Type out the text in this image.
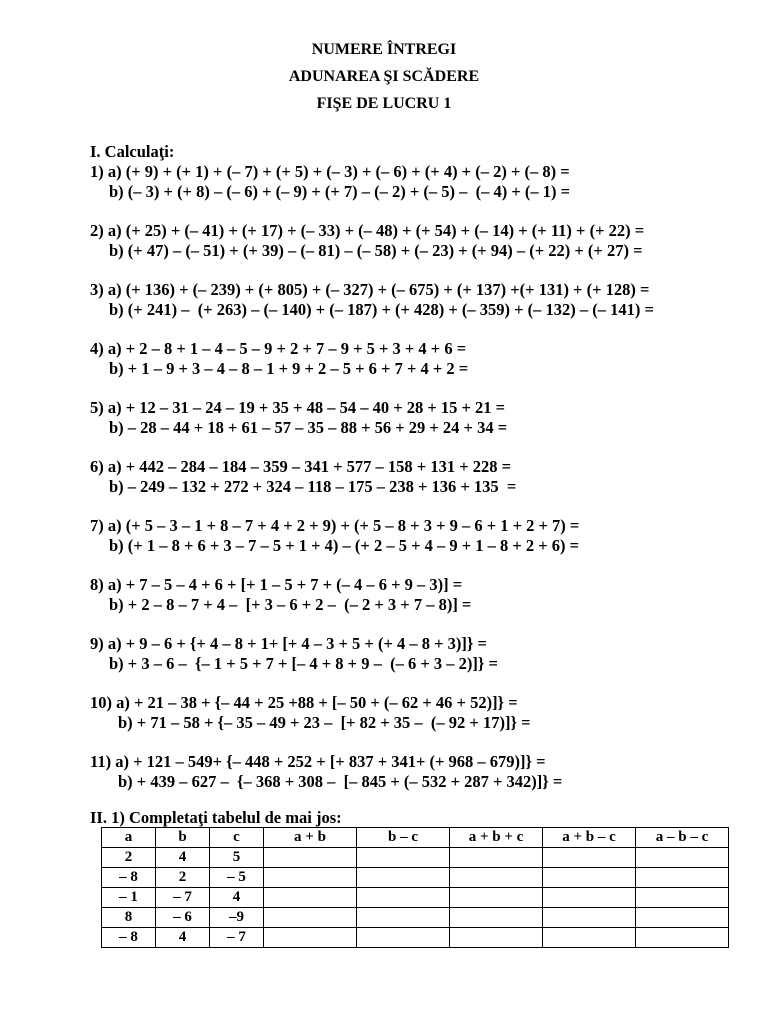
NUMERE ÎNTREGI
ADUNAREA ŞI SCĂDERE
FIŞE DE LUCRU 1
I. Calculaţi:
1) a) (+ 9) + (+ 1) + (– 7) + (+ 5) + (– 3) + (– 6) + (+ 4) + (– 2) + (– 8) =
b) (– 3) + (+ 8) – (– 6) + (– 9) + (+ 7) – (– 2) + (– 5) –  (– 4) + (– 1) =
2) a) (+ 25) + (– 41) + (+ 17) + (– 33) + (– 48) + (+ 54) + (– 14) + (+ 11) + (+ 22) =
b) (+ 47) – (– 51) + (+ 39) – (– 81) – (– 58) + (– 23) + (+ 94) – (+ 22) + (+ 27) =
3) a) (+ 136) + (– 239) + (+ 805) + (– 327) + (– 675) + (+ 137) +(+ 131) + (+ 128) =
b) (+ 241) –  (+ 263) – (– 140) + (– 187) + (+ 428) + (– 359) + (– 132) – (– 141) =
4) a) + 2 – 8 + 1 – 4 – 5 – 9 + 2 + 7 – 9 + 5 + 3 + 4 + 6 =
b) + 1 – 9 + 3 – 4 – 8 – 1 + 9 + 2 – 5 + 6 + 7 + 4 + 2 =
5) a) + 12 – 31 – 24 – 19 + 35 + 48 – 54 – 40 + 28 + 15 + 21 =
b) – 28 – 44 + 18 + 61 – 57 – 35 – 88 + 56 + 29 + 24 + 34 =
6) a) + 442 – 284 – 184 – 359 – 341 + 577 – 158 + 131 + 228 =
b) – 249 – 132 + 272 + 324 – 118 – 175 – 238 + 136 + 135  =
7) a) (+ 5 – 3 – 1 + 8 – 7 + 4 + 2 + 9) + (+ 5 – 8 + 3 + 9 – 6 + 1 + 2 + 7) =
b) (+ 1 – 8 + 6 + 3 – 7 – 5 + 1 + 4) – (+ 2 – 5 + 4 – 9 + 1 – 8 + 2 + 6) =
8) a) + 7 – 5 – 4 + 6 + [+ 1 – 5 + 7 + (– 4 – 6 + 9 – 3)] =
b) + 2 – 8 – 7 + 4 –  [+ 3 – 6 + 2 –  (– 2 + 3 + 7 – 8)] =
9) a) + 9 – 6 + {+ 4 – 8 + 1+ [+ 4 – 3 + 5 + (+ 4 – 8 + 3)]} =
b) + 3 – 6 –  {– 1 + 5 + 7 + [– 4 + 8 + 9 –  (– 6 + 3 – 2)]} =
10) a) + 21 – 38 + {– 44 + 25 +88 + [– 50 + (– 62 + 46 + 52)]} =
b) + 71 – 58 + {– 35 – 49 + 23 –  [+ 82 + 35 –  (– 92 + 17)]} =
11) a) + 121 – 549+ {– 448 + 252 + [+ 837 + 341+ (+ 968 – 679)]} =
b) + 439 – 627 –  {– 368 + 308 –  [– 845 + (– 532 + 287 + 342)]} =
II. 1) Completaţi tabelul de mai jos:
a	b	c	a + b	b – c	a + b + c	a + b – c	a – b – c
2	4	5					
– 8	2	– 5					
– 1	– 7	4					
8	– 6	–9					
– 8	4	– 7					
